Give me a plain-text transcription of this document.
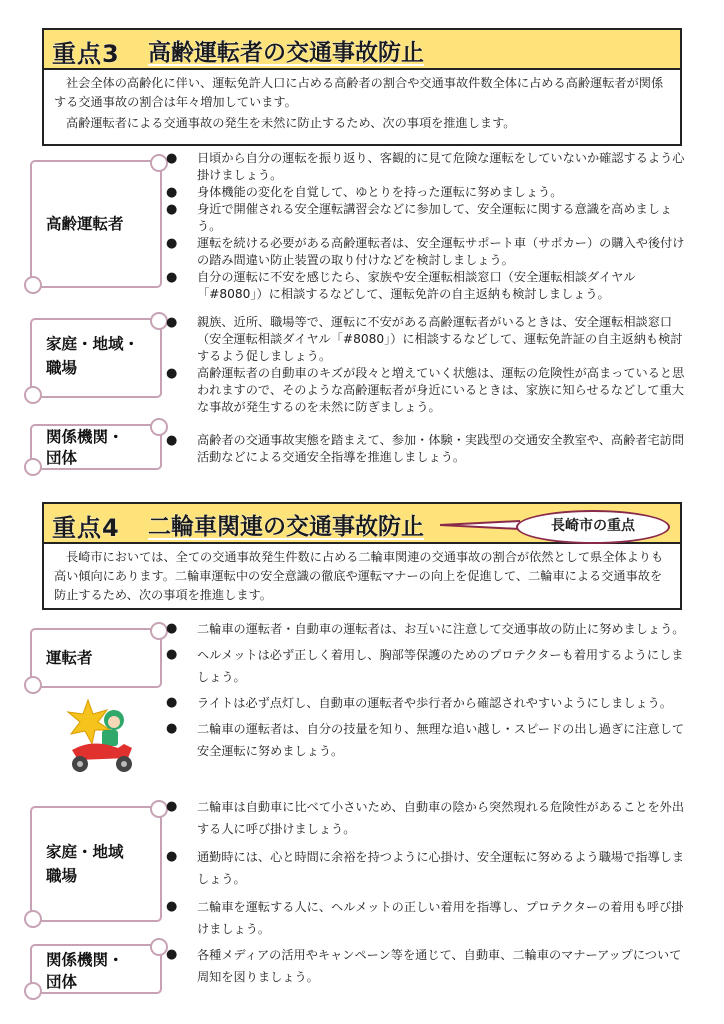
重点3 高齢運転者の交通事故防止

社会全体の高齢化に伴い、運転免許人口に占める高齢者の割合や交通事故件数全体に占める高齢運転者が関係する交通事故の割合は年々増加しています。

高齢運転者による交通事故の発生を未然に防止するため、次の事項を推進します。

高齢運転者
● 日頃から自分の運転を振り返り、客観的に見て危険な運転をしていないか確認するよう心掛けましょう。
● 身体機能の変化を自覚して、ゆとりを持った運転に努めましょう。
● 身近で開催される安全運転講習会などに参加して、安全運転に関する意識を高めましょう。
● 運転を続ける必要がある高齢運転者は、安全運転サポート車（サポカー）の購入や後付けの踏み間違い防止装置の取り付けなどを検討しましょう。
● 自分の運転に不安を感じたら、家族や安全運転相談窓口（安全運転相談ダイヤル「#8080」）に相談するなどして、運転免許の自主返納も検討しましょう。
家庭・地域・
職場
● 親族、近所、職場等で、運転に不安がある高齢運転者がいるときは、安全運転相談窓口（安全運転相談ダイヤル「#8080」）に相談するなどして、運転免許証の自主返納も検討するよう促しましょう。
● 高齢運転者の自動車のキズが段々と増えていく状態は、運転の危険性が高まっていると思われますので、そのような高齢運転者が身近にいるときは、家族に知らせるなどして重大な事故が発生するのを未然に防ぎましょう。
関係機関・
団体
● 高齢者の交通事故実態を踏まえて、参加・体験・実践型の交通安全教室や、高齢者宅訪問活動などによる交通安全指導を推進しましょう。
重点4 二輪車関連の交通事故防止	長崎市の重点

長崎市においては、全ての交通事故発生件数に占める二輪車関連の交通事故の割合が依然として県全体よりも高い傾向にあります。二輪車運転中の安全意識の徹底や運転マナーの向上を促進して、二輪車による交通事故を防止するため、次の事項を推進します。

運転者
● 二輪車の運転者・自動車の運転者は、お互いに注意して交通事故の防止に努めましょう。
● ヘルメットは必ず正しく着用し、胸部等保護のためのプロテクターも着用するようにしましょう。
● ライトは必ず点灯し、自動車の運転者や歩行者から確認されやすいようにしましょう。
● 二輪車の運転者は、自分の技量を知り、無理な追い越し・スピードの出し過ぎに注意して安全運転に努めましょう。
家庭・地域
職場
● 二輪車は自動車に比べて小さいため、自動車の陰から突然現れる危険性があることを外出する人に呼び掛けましょう。
● 通勤時には、心と時間に余裕を持つように心掛け、安全運転に努めるよう職場で指導しましょう。
● 二輪車を運転する人に、ヘルメットの正しい着用を指導し、プロテクターの着用も呼び掛けましょう。
関係機関・
団体
● 各種メディアの活用やキャンペーン等を通じて、自動車、二輪車のマナーアップについて周知を図りましょう。
